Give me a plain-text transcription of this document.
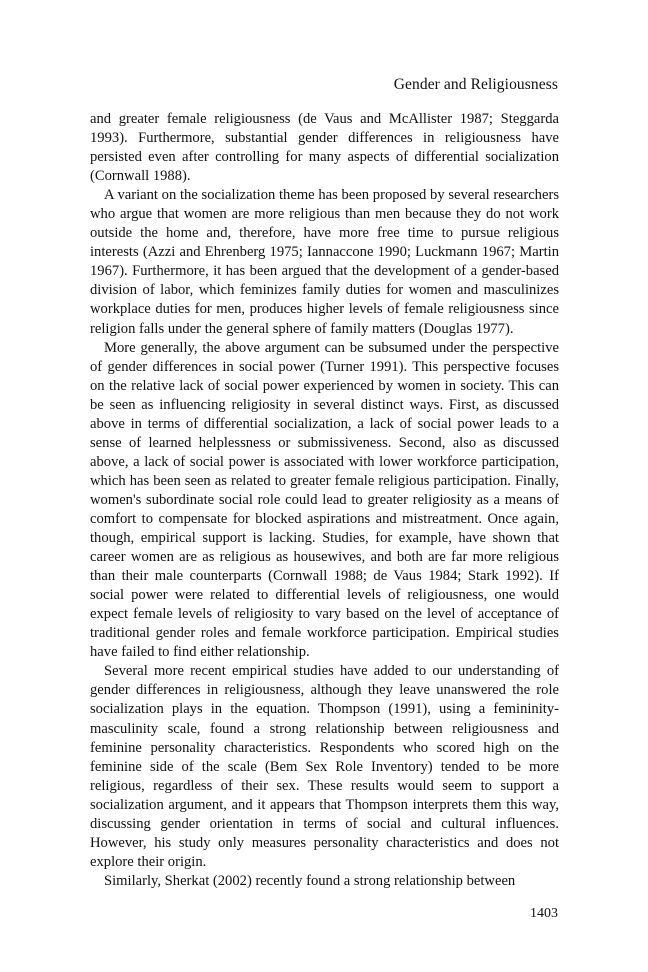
Gender and Religiousness

and greater female religiousness (de Vaus and McAllister 1987; Steggarda 1993). Furthermore, substantial gender differences in religiousness have persisted even after controlling for many aspects of differential socialization (Cornwall 1988).

A variant on the socialization theme has been proposed by several researchers who argue that women are more religious than men because they do not work outside the home and, therefore, have more free time to pursue religious interests (Azzi and Ehrenberg 1975; Iannaccone 1990; Luckmann 1967; Martin 1967). Furthermore, it has been argued that the development of a gender-based division of labor, which feminizes family duties for women and masculinizes workplace duties for men, produces higher levels of female religiousness since religion falls under the general sphere of family matters (Douglas 1977).

More generally, the above argument can be subsumed under the perspective of gender differences in social power (Turner 1991). This perspective focuses on the relative lack of social power experienced by women in society. This can be seen as influencing religiosity in several distinct ways. First, as discussed above in terms of differential socialization, a lack of social power leads to a sense of learned helplessness or submissiveness. Second, also as discussed above, a lack of social power is associated with lower workforce participation, which has been seen as related to greater female religious participation. Finally, women's subordinate social role could lead to greater religiosity as a means of comfort to compensate for blocked aspirations and mistreatment. Once again, though, empirical support is lacking. Studies, for example, have shown that career women are as religious as housewives, and both are far more religious than their male counterparts (Cornwall 1988; de Vaus 1984; Stark 1992). If social power were related to differential levels of religiousness, one would expect female levels of religiosity to vary based on the level of acceptance of traditional gender roles and female workforce participation. Empirical studies have failed to find either relationship.

Several more recent empirical studies have added to our understanding of gender differences in religiousness, although they leave unanswered the role socialization plays in the equation. Thompson (1991), using a femininity-masculinity scale, found a strong relationship between religiousness and feminine personality characteristics. Respondents who scored high on the feminine side of the scale (Bem Sex Role Inventory) tended to be more religious, regardless of their sex. These results would seem to support a socialization argument, and it appears that Thompson interprets them this way, discussing gender orientation in terms of social and cultural influences. However, his study only measures personality characteristics and does not explore their origin.

Similarly, Sherkat (2002) recently found a strong relationship between

1403
